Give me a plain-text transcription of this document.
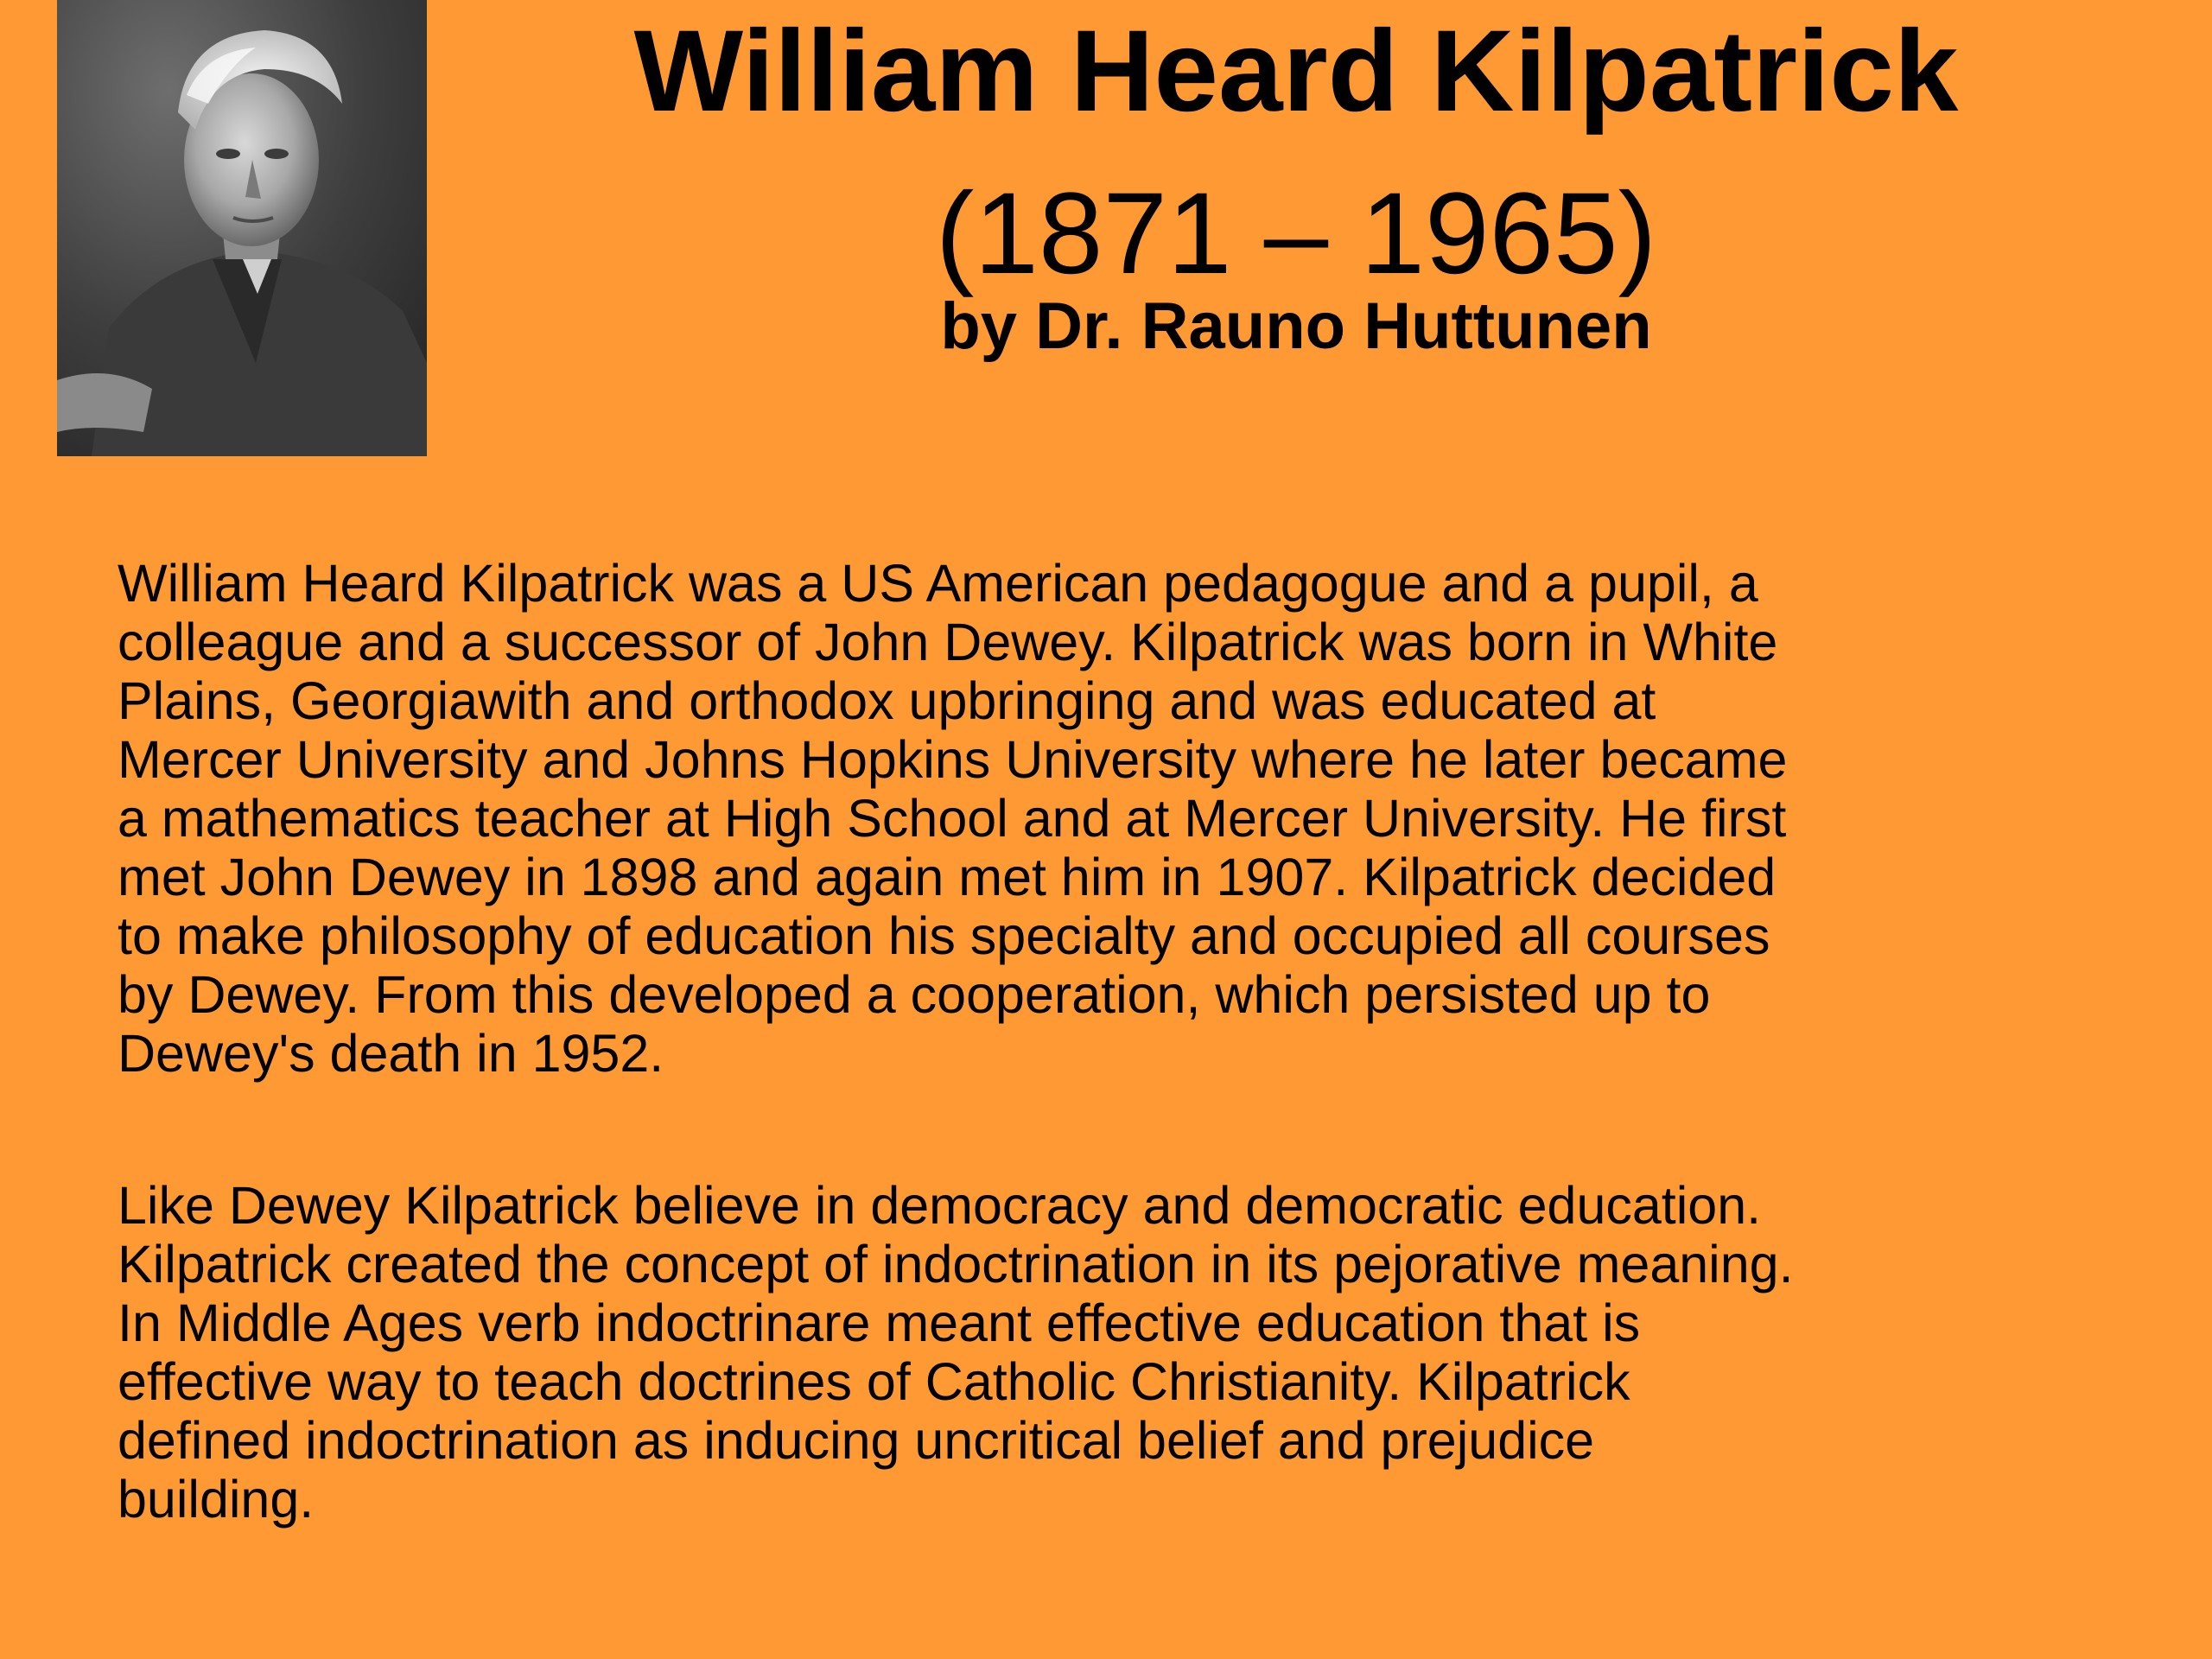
William Heard Kilpatrick
(1871 – 1965)
by Dr. Rauno Huttunen
William Heard Kilpatrick was a US American pedagogue and a pupil, a
colleague and a successor of John Dewey. Kilpatrick was born in White
Plains, Georgiawith and orthodox upbringing and was educated at
Mercer University and Johns Hopkins University where he later became
a mathematics teacher at High School and at Mercer University. He first
met John Dewey in 1898 and again met him in 1907. Kilpatrick decided
to make philosophy of education his specialty and occupied all courses
by Dewey. From this developed a cooperation, which persisted up to
Dewey's death in 1952.
Like Dewey Kilpatrick believe in democracy and democratic education.
Kilpatrick created the concept of indoctrination in its pejorative meaning.
In Middle Ages verb indoctrinare meant effective education that is
effective way to teach doctrines of Catholic Christianity. Kilpatrick
defined indoctrination as inducing uncritical belief and prejudice
building.
